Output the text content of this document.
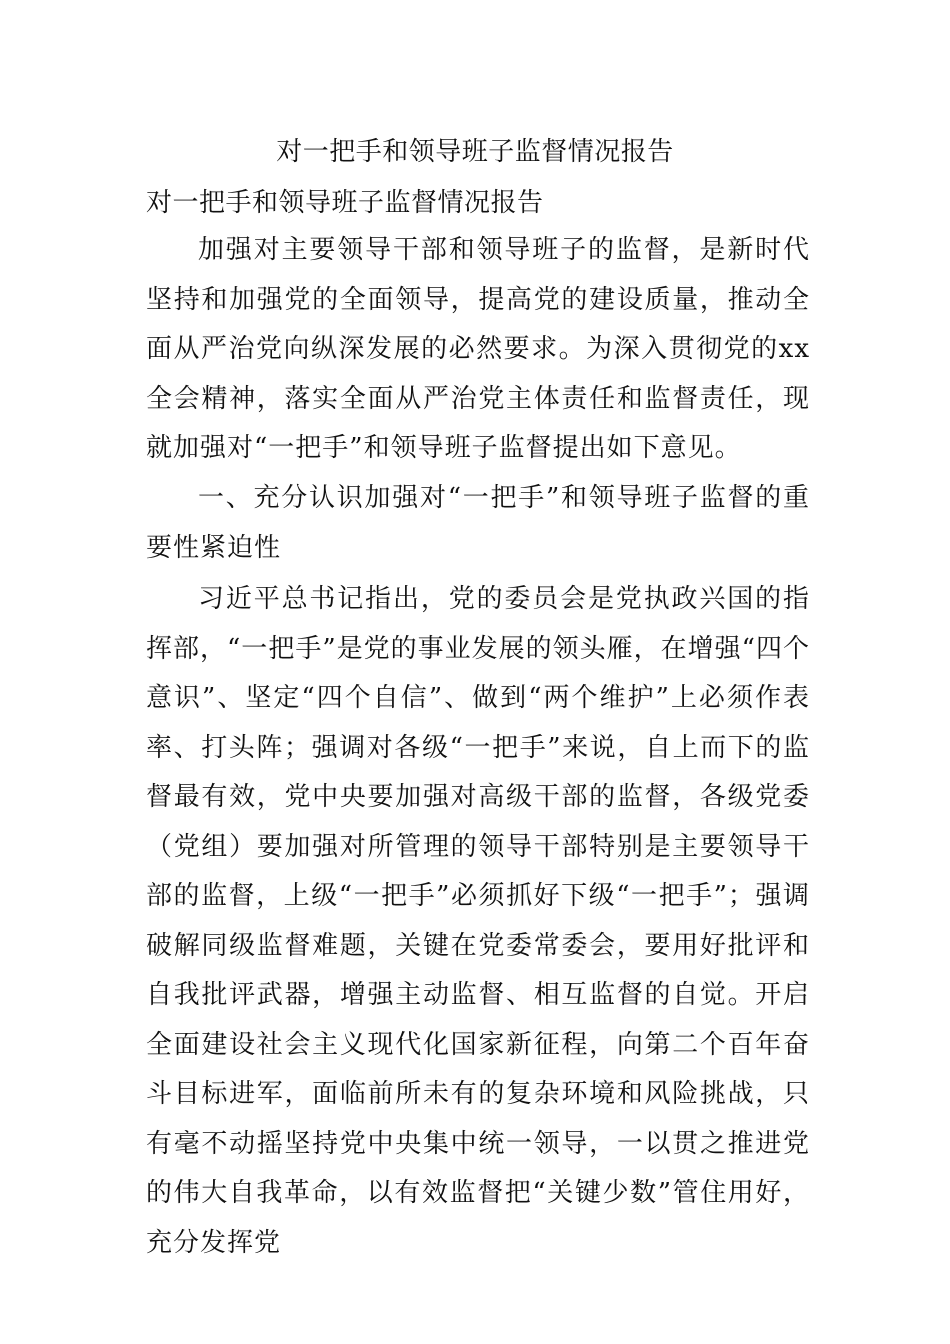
对一把手和领导班子监督情况报告
对一把手和领导班子监督情况报告

加强对主要领导干部和领导班子的监督，是新时代坚持和加强党的全面领导，提高党的建设质量，推动全面从严治党向纵深发展的必然要求。为深入贯彻党的xx全会精神，落实全面从严治党主体责任和监督责任，现就加强对“一把手”和领导班子监督提出如下意见。

一、充分认识加强对“一把手”和领导班子监督的重要性紧迫性

习近平总书记指出，党的委员会是党执政兴国的指挥部，“一把手”是党的事业发展的领头雁，在增强“四个意识”、坚定“四个自信”、做到“两个维护”上必须作表率、打头阵；强调对各级“一把手”来说，自上而下的监督最有效，党中央要加强对高级干部的监督，各级党委（党组）要加强对所管理的领导干部特别是主要领导干部的监督，上级“一把手”必须抓好下级“一把手”；强调破解同级监督难题，关键在党委常委会，要用好批评和自我批评武器，增强主动监督、相互监督的自觉。开启全面建设社会主义现代化国家新征程，向第二个百年奋斗目标进军，面临前所未有的复杂环境和风险挑战，只有毫不动摇坚持党中央集中统一领导，一以贯之推进党的伟大自我革命，以有效监督把“关键少数”管住用好，充分发挥党
